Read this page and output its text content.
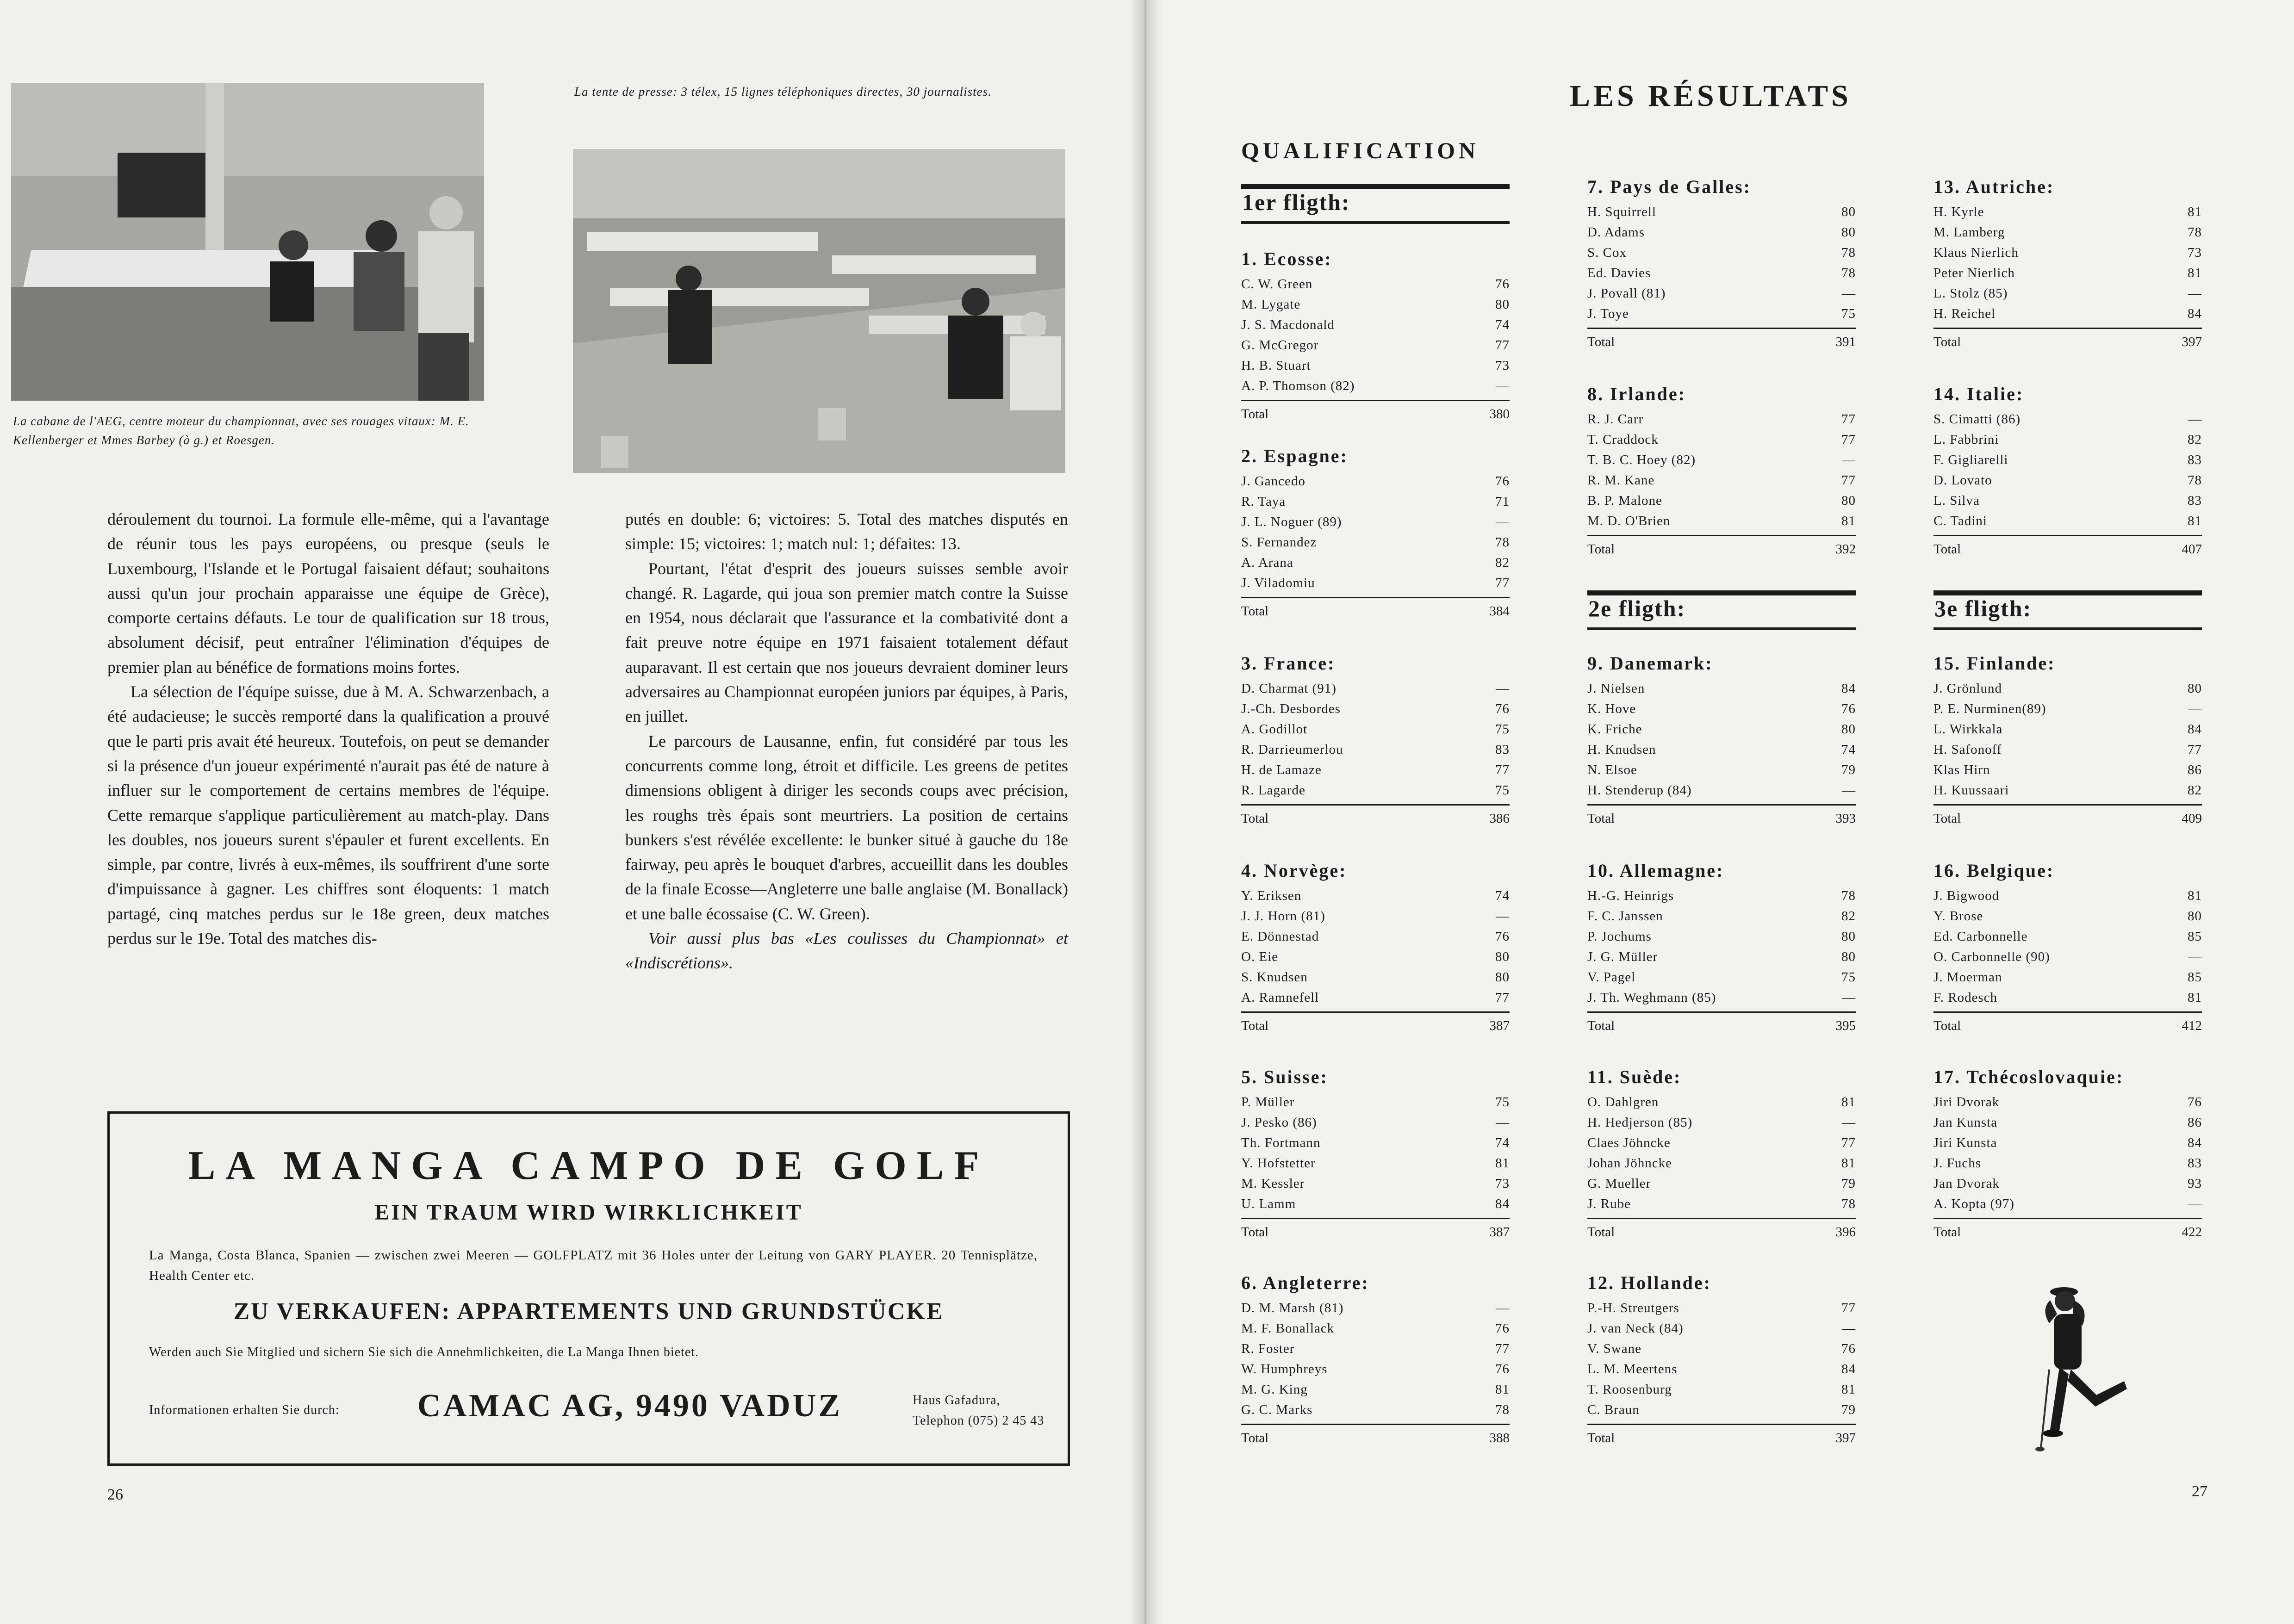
La cabane de l'AEG, centre moteur du championnat, avec ses rouages vitaux: M. E. Kellenberger et Mmes Barbey (à g.) et Roesgen.
La tente de presse: 3 télex, 15 lignes téléphoniques directes, 30 journalistes.

déroulement du tournoi. La formule elle-même, qui a l'avantage de réunir tous les pays européens, ou presque (seuls le Luxembourg, l'Islande et le Portugal faisaient défaut; souhaitons aussi qu'un jour prochain apparaisse une équipe de Grèce), comporte certains défauts. Le tour de qualification sur 18 trous, absolument décisif, peut entraîner l'élimination d'équipes de premier plan au bénéfice de formations moins fortes.

La sélection de l'équipe suisse, due à M. A. Schwarzenbach, a été audacieuse; le succès remporté dans la qualification a prouvé que le parti pris avait été heureux. Toutefois, on peut se demander si la présence d'un joueur expérimenté n'aurait pas été de nature à influer sur le comportement de certains membres de l'équipe. Cette remarque s'applique particulièrement au match-play. Dans les doubles, nos joueurs surent s'épauler et furent excellents. En simple, par contre, livrés à eux-mêmes, ils souffrirent d'une sorte d'impuissance à gagner. Les chiffres sont éloquents: 1 match partagé, cinq matches perdus sur le 18e green, deux matches perdus sur le 19e. Total des matches dis-

putés en double: 6; victoires: 5. Total des matches disputés en simple: 15; victoires: 1; match nul: 1; défaites: 13.

Pourtant, l'état d'esprit des joueurs suisses semble avoir changé. R. Lagarde, qui joua son premier match contre la Suisse en 1954, nous déclarait que l'assurance et la combativité dont a fait preuve notre équipe en 1971 faisaient totalement défaut auparavant. Il est certain que nos joueurs devraient dominer leurs adversaires au Championnat européen juniors par équipes, à Paris, en juillet.

Le parcours de Lausanne, enfin, fut considéré par tous les concurrents comme long, étroit et difficile. Les greens de petites dimensions obligent à diriger les seconds coups avec précision, les roughs très épais sont meurtriers. La position de certains bunkers s'est révélée excellente: le bunker situé à gauche du 18e fairway, peu après le bouquet d'arbres, accueillit dans les doubles de la finale Ecosse—Angleterre une balle anglaise (M. Bonallack) et une balle écossaise (C. W. Green).

Voir aussi plus bas «Les coulisses du Championnat» et «Indiscrétions».

LA MANGA CAMPO DE GOLF
EIN TRAUM WIRD WIRKLICHKEIT
La Manga, Costa Blanca, Spanien — zwischen zwei Meeren — GOLFPLATZ mit 36 Holes unter der Leitung von GARY PLAYER. 20 Tennisplätze, Health Center etc.
ZU VERKAUFEN: APPARTEMENTS UND GRUNDSTÜCKE
Werden auch Sie Mitglied und sichern Sie sich die Annehmlichkeiten, die La Manga Ihnen bietet.
Informationen erhalten Sie durch: CAMAC AG, 9490 VADUZ	Haus Gafadura,
Telephon (075) 2 45 43
26
LES RÉSULTATS
QUALIFICATION
1er fligth:
2e fligth:	3e fligth:
1. Ecosse:
C. W. Green	76
M. Lygate	80
J. S. Macdonald	74
G. McGregor	77
H. B. Stuart	73
A. P. Thomson (82)	—
Total	380
2. Espagne:
J. Gancedo	76
R. Taya	71
J. L. Noguer (89)	—
S. Fernandez	78
A. Arana	82
J. Viladomiu	77
Total	384
3. France:
D. Charmat (91)	—
J.-Ch. Desbordes	76
A. Godillot	75
R. Darrieumerlou	83
H. de Lamaze	77
R. Lagarde	75
Total	386
4. Norvège:
Y. Eriksen	74
J. J. Horn (81)	—
E. Dönnestad	76
O. Eie	80
S. Knudsen	80
A. Ramnefell	77
Total	387
5. Suisse:
P. Müller	75
J. Pesko (86)	—
Th. Fortmann	74
Y. Hofstetter	81
M. Kessler	73
U. Lamm	84
Total	387
6. Angleterre:
D. M. Marsh (81)	—
M. F. Bonallack	76
R. Foster	77
W. Humphreys	76
M. G. King	81
G. C. Marks	78
Total	388
7. Pays de Galles:
H. Squirrell	80
D. Adams	80
S. Cox	78
Ed. Davies	78
J. Povall (81)	—
J. Toye	75
Total	391
8. Irlande:
R. J. Carr	77
T. Craddock	77
T. B. C. Hoey (82)	—
R. M. Kane	77
B. P. Malone	80
M. D. O'Brien	81
Total	392
9. Danemark:
J. Nielsen	84
K. Hove	76
K. Friche	80
H. Knudsen	74
N. Elsoe	79
H. Stenderup (84)	—
Total	393
10. Allemagne:
H.-G. Heinrigs	78
F. C. Janssen	82
P. Jochums	80
J. G. Müller	80
V. Pagel	75
J. Th. Weghmann (85)	—
Total	395
11. Suède:
O. Dahlgren	81
H. Hedjerson (85)	—
Claes Jöhncke	77
Johan Jöhncke	81
G. Mueller	79
J. Rube	78
Total	396
12. Hollande:
P.-H. Streutgers	77
J. van Neck (84)	—
V. Swane	76
L. M. Meertens	84
T. Roosenburg	81
C. Braun	79
Total	397
13. Autriche:
H. Kyrle	81
M. Lamberg	78
Klaus Nierlich	73
Peter Nierlich	81
L. Stolz (85)	—
H. Reichel	84
Total	397
14. Italie:
S. Cimatti (86)	—
L. Fabbrini	82
F. Gigliarelli	83
D. Lovato	78
L. Silva	83
C. Tadini	81
Total	407
15. Finlande:
J. Grönlund	80
P. E. Nurminen(89)	—
L. Wirkkala	84
H. Safonoff	77
Klas Hirn	86
H. Kuussaari	82
Total	409
16. Belgique:
J. Bigwood	81
Y. Brose	80
Ed. Carbonnelle	85
O. Carbonnelle (90)	—
J. Moerman	85
F. Rodesch	81
Total	412
17. Tchécoslovaquie:
Jiri Dvorak	76
Jan Kunsta	86
Jiri Kunsta	84
J. Fuchs	83
Jan Dvorak	93
A. Kopta (97)	—
Total	422
27
